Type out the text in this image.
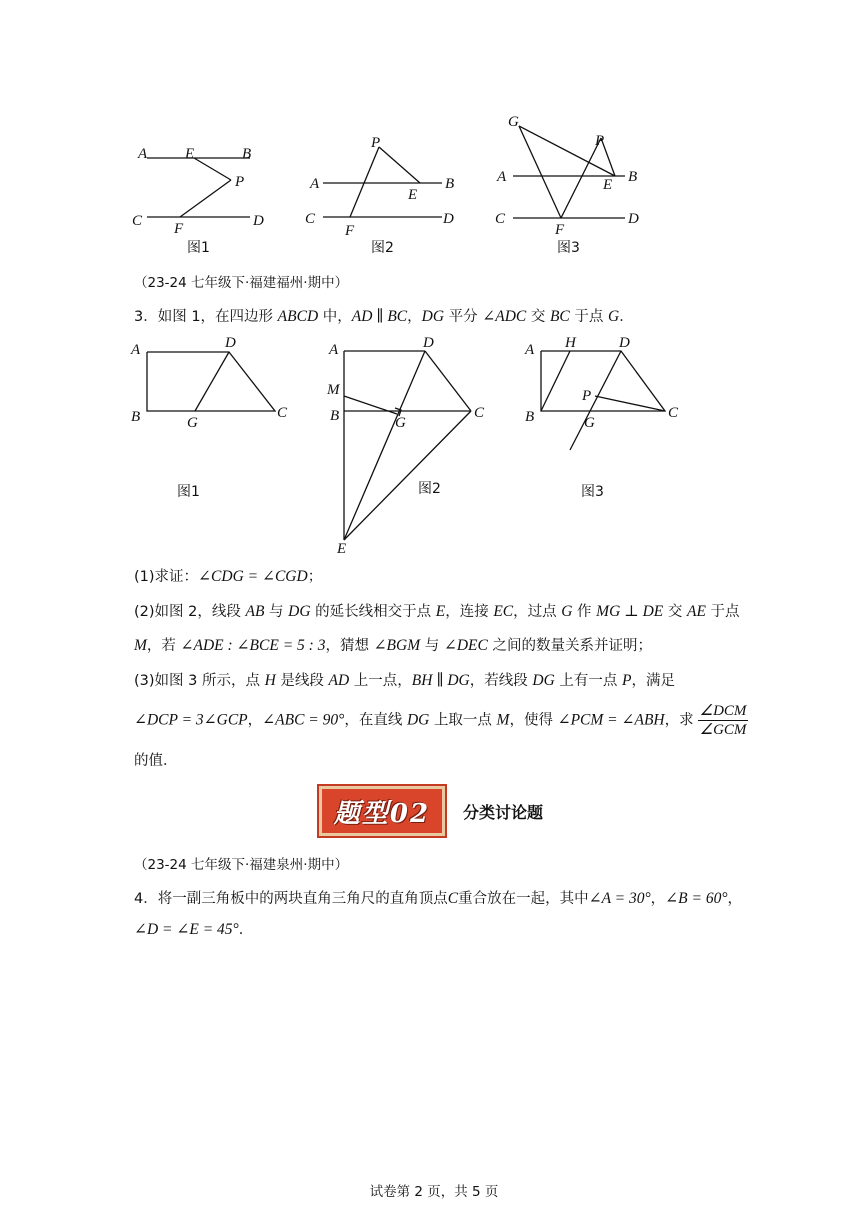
A	E	B
P
C F	D
图1
P
A
E
B
C
F
D
图2
G
P
A	E B
C
F
D
图3
（23-24 七年级下·福建福州·期中）
3．如图 1，在四边形 ABCD 中，AD ∥ BC，DG 平分 ∠ADC 交 BC 于点 G．
A	D
B	G
C
图1
A	D
M
B	G
C
E
图2
A H	D
P
B	G
C
图3
(1)求证：∠CDG = ∠CGD；
(2)如图 2，线段 AB 与 DG 的延长线相交于点 E，连接 EC，过点 G 作 MG ⊥ DE 交 AE 于点
M，若 ∠ADE : ∠BCE = 5 : 3，猜想 ∠BGM 与 ∠DEC 之间的数量关系并证明；
(3)如图 3 所示，点 H 是线段 AD 上一点，BH ∥ DG，若线段 DG 上有一点 P，满足
∠DCP = 3∠GCP，∠ABC = 90°，在直线 DG 上取一点 M，使得 ∠PCM = ∠ABH，求 $\frac{\text{∠DCM}}{\text{∠GCM}}$
的值．
题型02 分类讨论题
（23-24 七年级下·福建泉州·期中）
4．将一副三角板中的两块直角三角尺的直角顶点C重合放在一起，其中∠A = 30°，∠B = 60°，
∠D = ∠E = 45°．
试卷第 2 页，共 5 页
